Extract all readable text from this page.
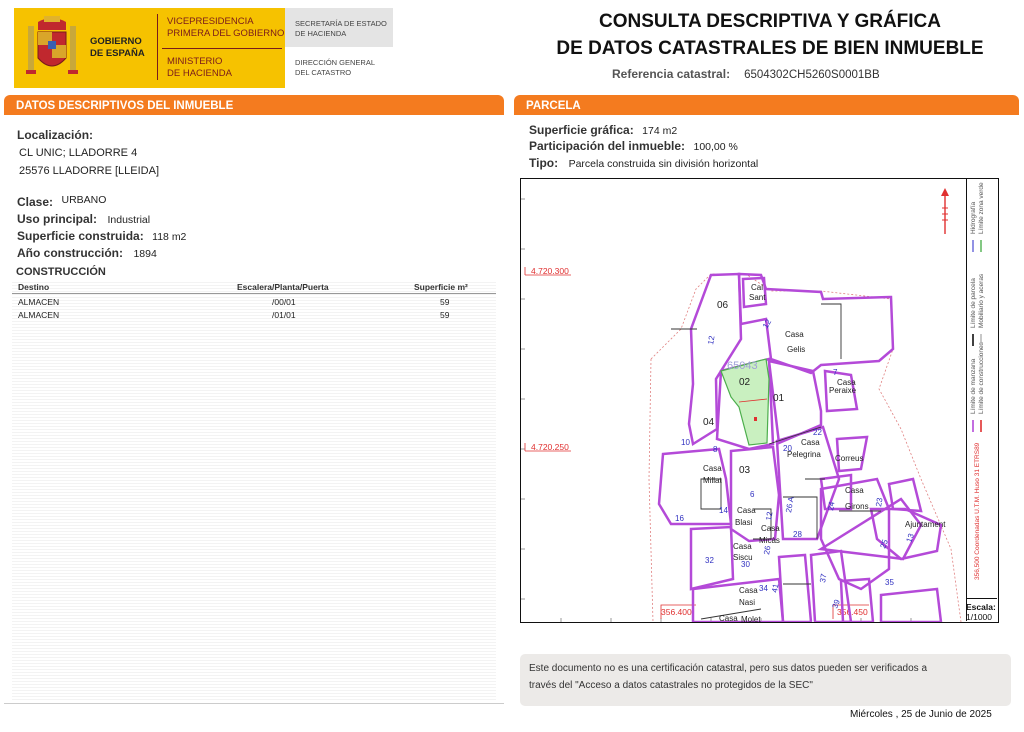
GOBIERNO
DE ESPAÑA
VICEPRESIDENCIA
PRIMERA DEL GOBIERNO
MINISTERIO
DE HACIENDA
SECRETARÍA DE ESTADO
DE HACIENDA
DIRECCIÓN GENERAL
DEL CATASTRO
CONSULTA DESCRIPTIVA Y GRÁFICA
DE DATOS CATASTRALES DE BIEN INMUEBLE
Referencia catastral: 6504302CH5260S0001BB
DATOS DESCRIPTIVOS DEL INMUEBLE
Localización:
CL UNIC; LLADORRE 4
25576 LLADORRE [LLEIDA]
Clase: URBANO
Uso principal: Industrial
Superficie construida: 118 m2
Año construcción: 1894
CONSTRUCCIÓN
Destino	Escalera/Planta/Puerta	Superficie m²
ALMACEN	/00/01	59
ALMACEN	/01/01	59
PARCELA
Superficie gráfica: 174 m2
Participación del inmueble: 100,00 %
Tipo: Parcela construida sin división horizontal
4.720.300
4.720.250
356.400	356.450
65043
06
Cal
Sant
Casa
Gelis
02
01
04
03
Casa
Peraixe
Casa
Millat
Casa
Pelegrina Correus
Casa
Girons
Casa
Blasi
Casa
Micàs
Casa
Siscu
Ajuntament
Casa
Nasi
Casa Molet
12
12
10
8
7
22
20
6
16
14
12
26 A	24	23
13
32	30
28
26
25
34
35
41
37
39
Hidrografía Límite zona verde
Límite de parcela Mobiliario y aceras
Límite de manzana Límite de construcciones
356,500 Coordenadas U.T.M. Huso 31 ETRS89
Escala:
1/1000
Este documento no es una certificación catastral, pero sus datos pueden ser verificados a
través del "Acceso a datos catastrales no protegidos de la SEC"
Miércoles , 25 de Junio de 2025
